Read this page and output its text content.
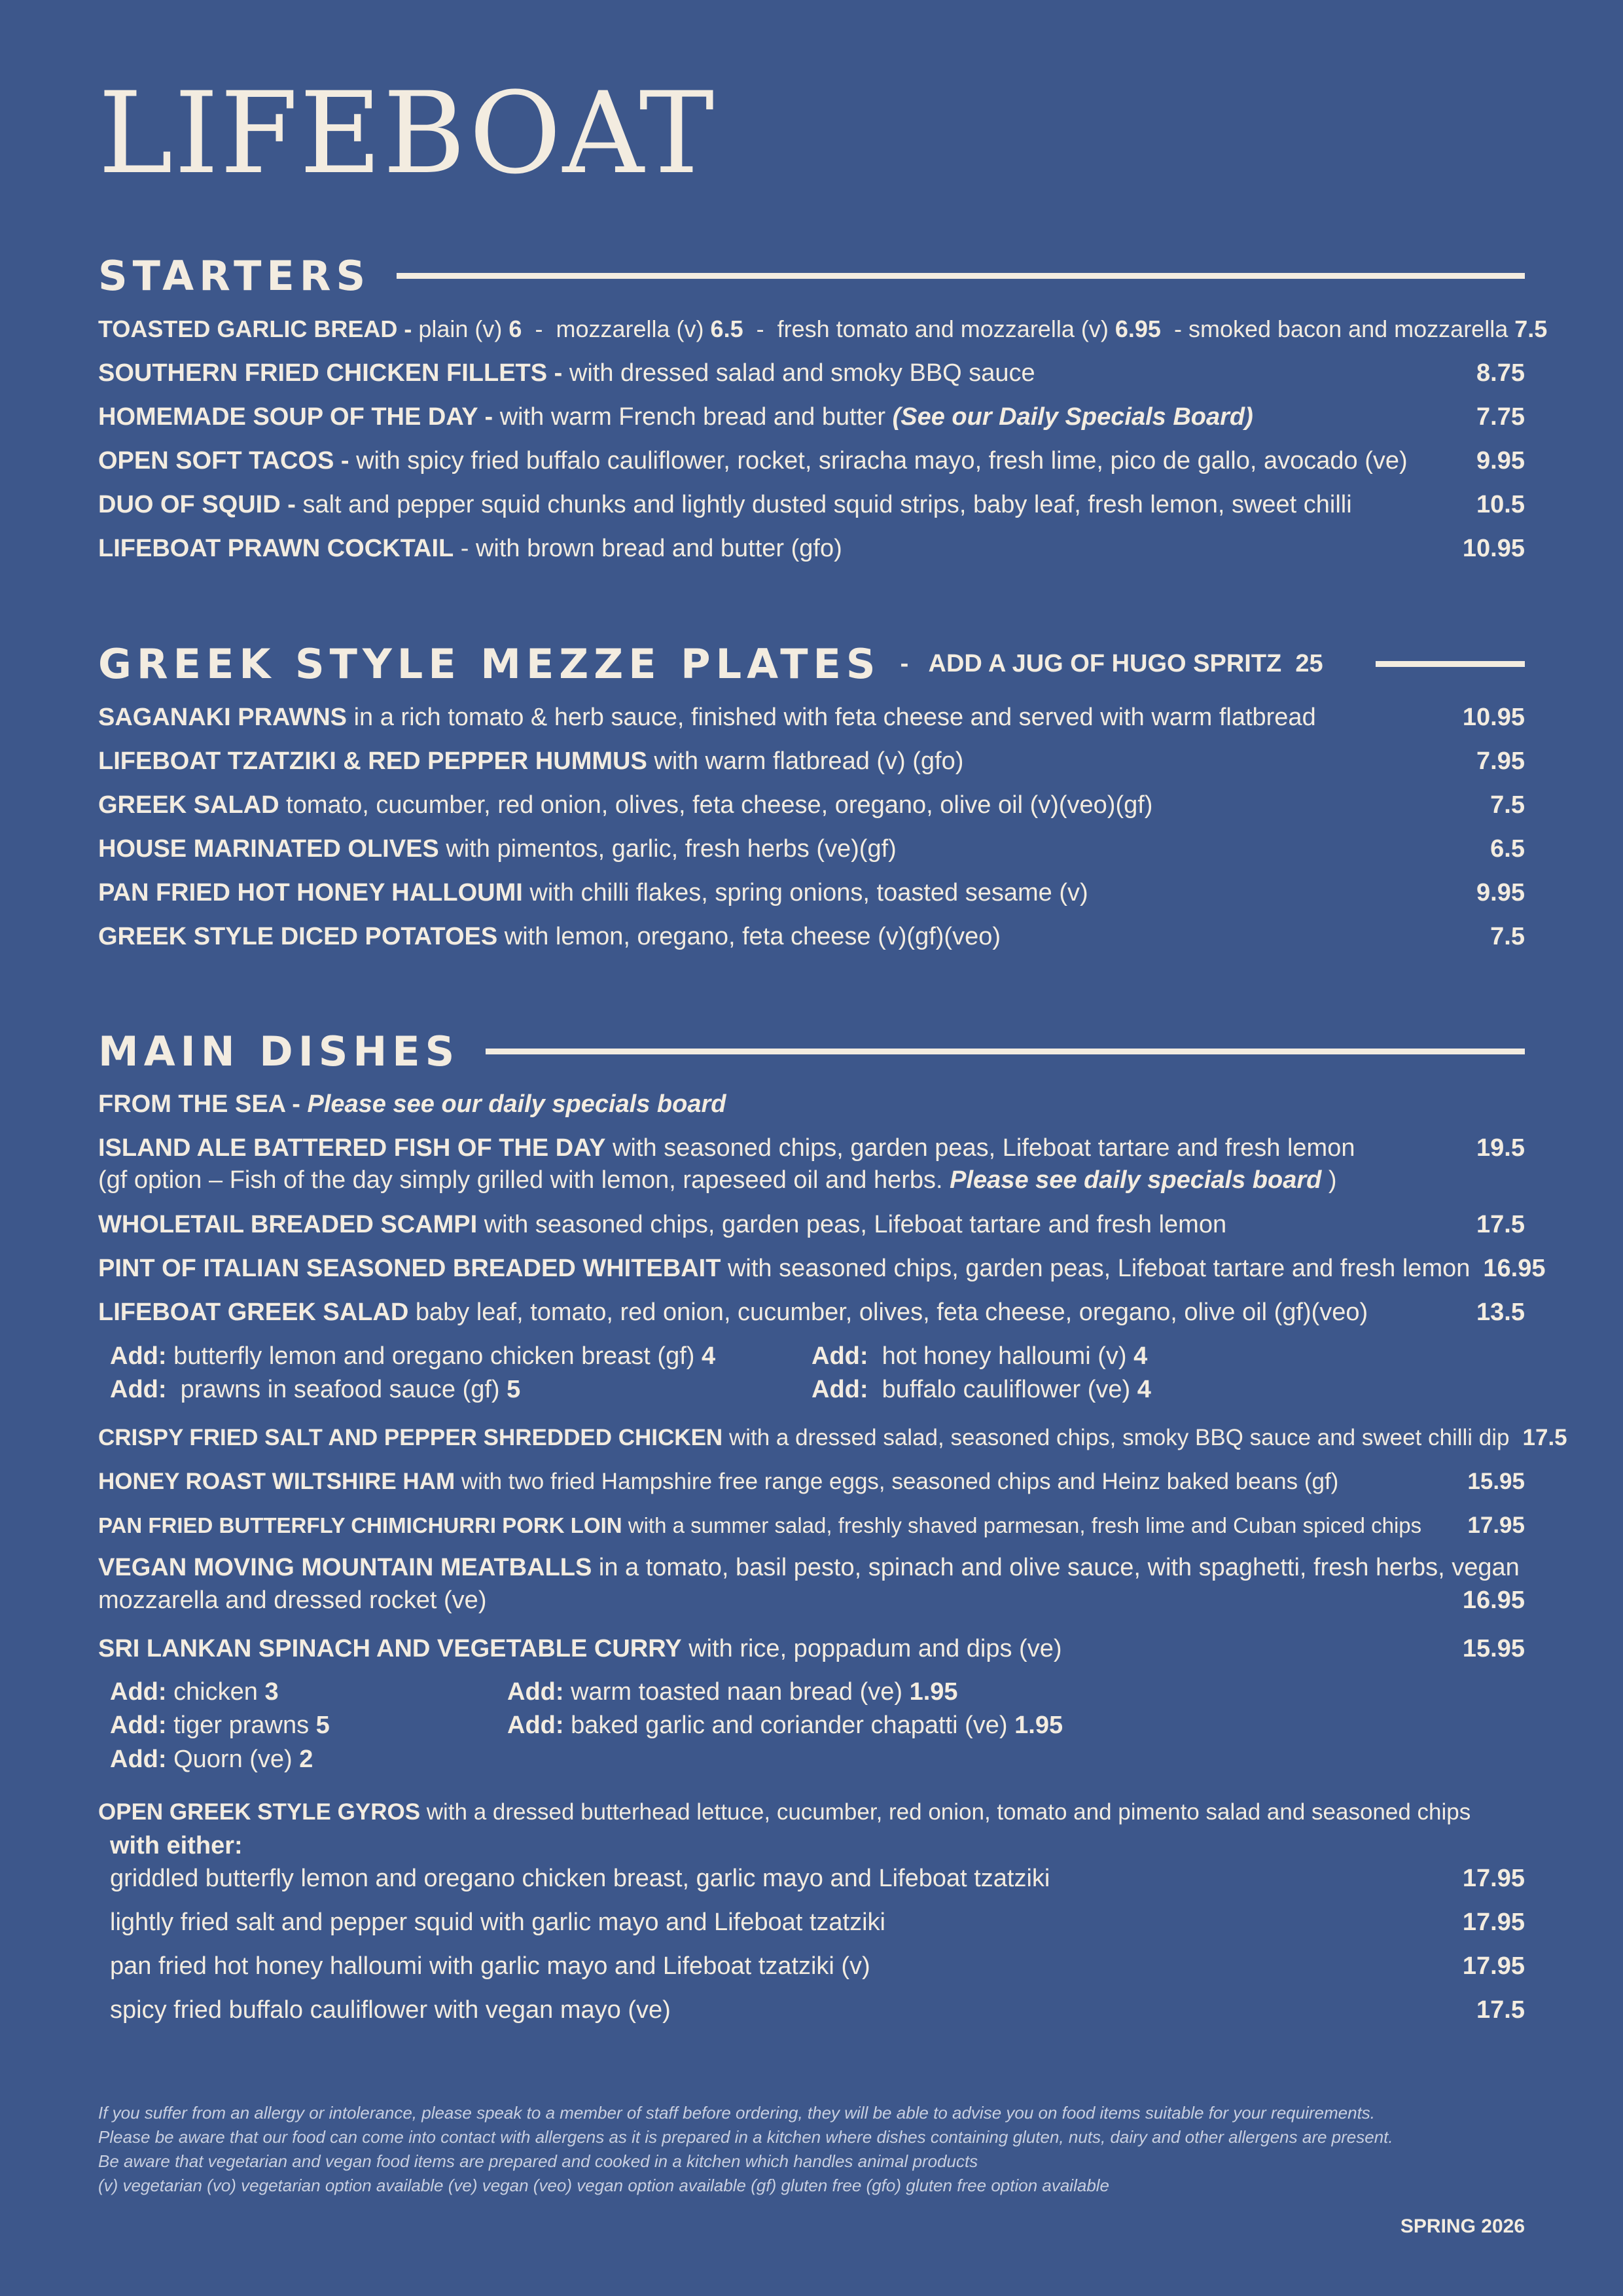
LIFEBOAT
STARTERS
TOASTED GARLIC BREAD - plain (v) 6 - mozzarella (v) 6.5 - fresh tomato and mozzarella (v) 6.95 - smoked bacon and mozzarella 7.5
SOUTHERN FRIED CHICKEN FILLETS - with dressed salad and smoky BBQ sauce	8.75
HOMEMADE SOUP OF THE DAY - with warm French bread and butter (See our Daily Specials Board)	7.75
OPEN SOFT TACOS - with spicy fried buffalo cauliflower, rocket, sriracha mayo, fresh lime, pico de gallo, avocado (ve)	9.95
DUO OF SQUID - salt and pepper squid chunks and lightly dusted squid strips, baby leaf, fresh lemon, sweet chilli	10.5
LIFEBOAT PRAWN COCKTAIL - with brown bread and butter (gfo)	10.95
GREEK STYLE MEZZE PLATES - ADD A JUG OF HUGO SPRITZ 25
SAGANAKI PRAWNS in a rich tomato & herb sauce, finished with feta cheese and served with warm flatbread	10.95
LIFEBOAT TZATZIKI & RED PEPPER HUMMUS with warm flatbread (v) (gfo)	7.95
GREEK SALAD tomato, cucumber, red onion, olives, feta cheese, oregano, olive oil (v)(veo)(gf)	7.5
HOUSE MARINATED OLIVES with pimentos, garlic, fresh herbs (ve)(gf)	6.5
PAN FRIED HOT HONEY HALLOUMI with chilli flakes, spring onions, toasted sesame (v)	9.95
GREEK STYLE DICED POTATOES with lemon, oregano, feta cheese (v)(gf)(veo)	7.5
MAIN DISHES
FROM THE SEA - Please see our daily specials board
ISLAND ALE BATTERED FISH OF THE DAY with seasoned chips, garden peas, Lifeboat tartare and fresh lemon	19.5
(gf option – Fish of the day simply grilled with lemon, rapeseed oil and herbs. Please see daily specials board )
WHOLETAIL BREADED SCAMPI with seasoned chips, garden peas, Lifeboat tartare and fresh lemon	17.5
PINT OF ITALIAN SEASONED BREADED WHITEBAIT with seasoned chips, garden peas, Lifeboat tartare and fresh lemon 16.95
LIFEBOAT GREEK SALAD baby leaf, tomato, red onion, cucumber, olives, feta cheese, oregano, olive oil (gf)(veo)	13.5
Add: butterfly lemon and oregano chicken breast (gf) 4
Add: prawns in seafood sauce (gf) 5
Add: hot honey halloumi (v) 4
Add: buffalo cauliflower (ve) 4
CRISPY FRIED SALT AND PEPPER SHREDDED CHICKEN with a dressed salad, seasoned chips, smoky BBQ sauce and sweet chilli dip 17.5
HONEY ROAST WILTSHIRE HAM with two fried Hampshire free range eggs, seasoned chips and Heinz baked beans (gf)	15.95
PAN FRIED BUTTERFLY CHIMICHURRI PORK LOIN with a summer salad, freshly shaved parmesan, fresh lime and Cuban spiced chips 17.95
VEGAN MOVING MOUNTAIN MEATBALLS in a tomato, basil pesto, spinach and olive sauce, with spaghetti, fresh herbs, vegan
mozzarella and dressed rocket (ve)	16.95
SRI LANKAN SPINACH AND VEGETABLE CURRY with rice, poppadum and dips (ve)	15.95
Add: chicken 3
Add: tiger prawns 5
Add: Quorn (ve) 2
Add: warm toasted naan bread (ve) 1.95
Add: baked garlic and coriander chapatti (ve) 1.95
OPEN GREEK STYLE GYROS with a dressed butterhead lettuce, cucumber, red onion, tomato and pimento salad and seasoned chips
with either:
griddled butterfly lemon and oregano chicken breast, garlic mayo and Lifeboat tzatziki	17.95
lightly fried salt and pepper squid with garlic mayo and Lifeboat tzatziki	17.95
pan fried hot honey halloumi with garlic mayo and Lifeboat tzatziki (v)	17.95
spicy fried buffalo cauliflower with vegan mayo (ve)	17.5
If you suffer from an allergy or intolerance, please speak to a member of staff before ordering, they will be able to advise you on food items suitable for your requirements.
Please be aware that our food can come into contact with allergens as it is prepared in a kitchen where dishes containing gluten, nuts, dairy and other allergens are present.
Be aware that vegetarian and vegan food items are prepared and cooked in a kitchen which handles animal products
(v) vegetarian (vo) vegetarian option available (ve) vegan (veo) vegan option available (gf) gluten free (gfo) gluten free option available
SPRING 2026
